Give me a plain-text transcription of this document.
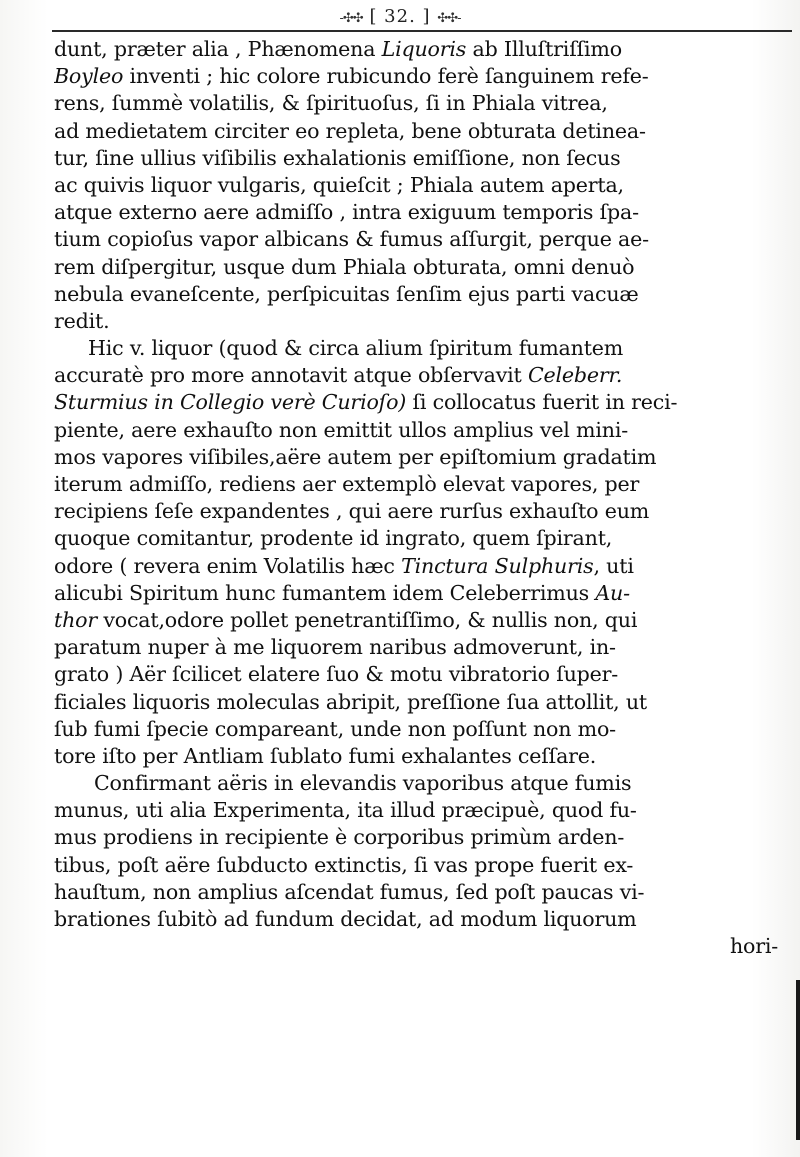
-✣✣ [ 32. ] ✣✣-
dunt, præter alia , Phænomena Liquoris ab Illuſtriſſimo
Boyleo inventi ; hic colore rubicundo ferè ſanguinem refe-
rens, ſummè volatilis, & ſpirituoſus, ſi in Phiala vitrea,
ad medietatem circiter eo repleta, bene obturata detinea-
tur, ſine ullius viſibilis exhalationis emiſſione, non ſecus
ac quivis liquor vulgaris, quieſcit ; Phiala autem aperta,
atque externo aere admiſſo , intra exiguum temporis ſpa-
tium copioſus vapor albicans & fumus aſſurgit, perque ae-
rem diſpergitur, usque dum Phiala obturata, omni denuò
nebula evaneſcente, perſpicuitas ſenſim ejus parti vacuæ
redit.
Hic v. liquor (quod & circa alium ſpiritum fumantem
accuratè pro more annotavit atque obſervavit Celeberr.
Sturmius in Collegio verè Curioſo) ſi collocatus fuerit in reci-
piente, aere exhauſto non emittit ullos amplius vel mini-
mos vapores viſibiles,aëre autem per epiſtomium gradatim
iterum admiſſo, rediens aer extemplò elevat vapores, per
recipiens ſeſe expandentes , qui aere rurſus exhauſto eum
quoque comitantur, prodente id ingrato, quem ſpirant,
odore ( revera enim Volatilis hæc Tinctura Sulphuris, uti
alicubi Spiritum hunc fumantem idem Celeberrimus Au-
thor vocat,odore pollet penetrantiſſimo, & nullis non, qui
paratum nuper à me liquorem naribus admoverunt, in-
grato ) Aër ſcilicet elatere ſuo & motu vibratorio ſuper-
ficiales liquoris moleculas abripit, preſſione ſua attollit, ut
ſub fumi ſpecie compareant, unde non poſſunt non mo-
tore iſto per Antliam ſublato fumi exhalantes ceſſare.
Confirmant aëris in elevandis vaporibus atque fumis
munus, uti alia Experimenta, ita illud præcipuè, quod fu-
mus prodiens in recipiente è corporibus primùm arden-
tibus, poſt aëre ſubducto extinctis, ſi vas prope fuerit ex-
hauſtum, non amplius aſcendat fumus, ſed poſt paucas vi-
brationes ſubitò ad fundum decidat, ad modum liquorum
hori-
